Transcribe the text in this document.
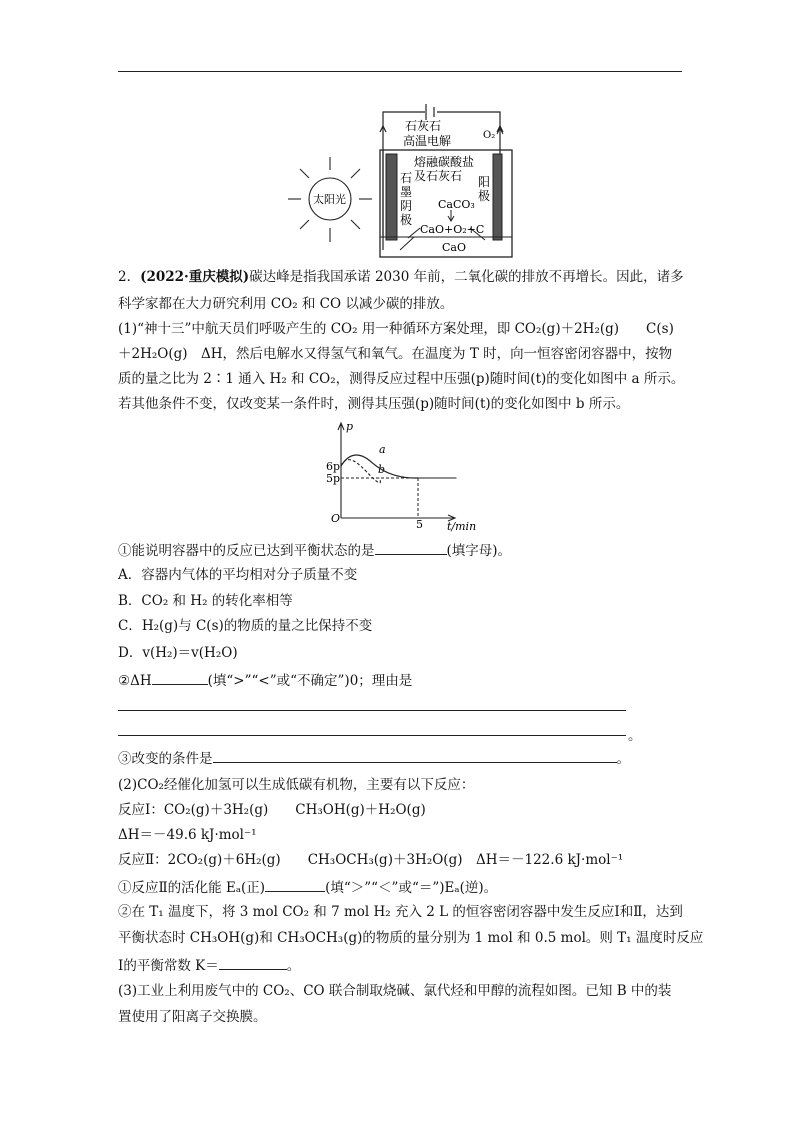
石灰石
高温电解	O₂
熔融碳酸盐
及石灰石
石
墨
阴
极
阳
极
CaCO₃
CaO+O₂+C
CaO
太阳光
2．(2022·重庆模拟)碳达峰是指我国承诺 2030 年前，二氧化碳的排放不再增长。因此，诸多
科学家都在大力研究利用 CO₂ 和 CO 以减少碳的排放。
(1)“神十三”中航天员们呼吸产生的 CO₂ 用一种循环方案处理，即 CO₂(g)＋2H₂(g)　　C(s)
＋2H₂O(g)　ΔH，然后电解水又得氢气和氧气。在温度为 T 时，向一恒容密闭容器中，按物
质的量之比为 2∶1 通入 H₂ 和 CO₂，测得反应过程中压强(p)随时间(t)的变化如图中 a 所示。
若其他条件不变，仅改变某一条件时，测得其压强(p)随时间(t)的变化如图中 b 所示。
p
O
6p
5p
5 t/min
a
b
①能说明容器中的反应已达到平衡状态的是	(填字母)。
A．容器内气体的平均相对分子质量不变
B．CO₂ 和 H₂ 的转化率相等
C．H₂(g)与 C(s)的物质的量之比保持不变
D．v(H₂)＝v(H₂O)
②ΔH	(填“>”“<”或“不确定”)0；理由是
。
③改变的条件是	。
(2)CO₂经催化加氢可以生成低碳有机物，主要有以下反应：
反应Ⅰ：CO₂(g)＋3H₂(g)　　CH₃OH(g)＋H₂O(g)
ΔH＝－49.6 kJ·mol⁻¹
反应Ⅱ：2CO₂(g)＋6H₂(g)　　CH₃OCH₃(g)＋3H₂O(g)　ΔH＝－122.6 kJ·mol⁻¹
①反应Ⅱ的活化能 Eₐ(正)	(填“＞”“＜”或“＝”)Eₐ(逆)。
②在 T₁ 温度下，将 3 mol CO₂ 和 7 mol H₂ 充入 2 L 的恒容密闭容器中发生反应Ⅰ和Ⅱ，达到
平衡状态时 CH₃OH(g)和 CH₃OCH₃(g)的物质的量分别为 1 mol 和 0.5 mol。则 T₁ 温度时反应
Ⅰ的平衡常数 K＝	。
(3)工业上利用废气中的 CO₂、CO 联合制取烧碱、氯代烃和甲醇的流程如图。已知 B 中的装
置使用了阳离子交换膜。
